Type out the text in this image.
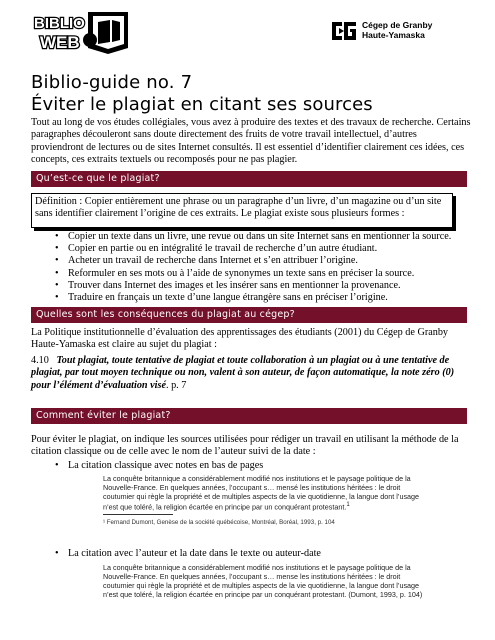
BIBLIO
WEB
Cégep de Granby
Haute-Yamaska
Biblio-guide no. 7
Éviter le plagiat en citant ses sources
Tout au long de vos études collégiales, vous avez à produire des textes et des travaux de recherche. Certains paragraphes découleront sans doute directement des fruits de votre travail intellectuel, d’autres proviendront de lectures ou de sites Internet consultés. Il est essentiel d’identifier clairement ces idées, ces concepts, ces extraits textuels ou recomposés pour ne pas plagier.
Qu’est-ce que le plagiat?
Définition : Copier entièrement une phrase ou un paragraphe d’un livre, d’un magazine ou d’un site sans identifier clairement l’origine de ces extraits. Le plagiat existe sous plusieurs formes :
• Copier un texte dans un livre, une revue ou dans un site Internet sans en mentionner la source.
• Copier en partie ou en intégralité le travail de recherche d’un autre étudiant.
• Acheter un travail de recherche dans Internet et s’en attribuer l’origine.
• Reformuler en ses mots ou à l’aide de synonymes un texte sans en préciser la source.
• Trouver dans Internet des images et les insérer sans en mentionner la provenance.
• Traduire en français un texte d’une langue étrangère sans en préciser l’origine.
Quelles sont les conséquences du plagiat au cégep?
La Politique institutionnelle d’évaluation des apprentissages des étudiants (2001) du Cégep de Granby Haute-Yamaska est claire au sujet du plagiat :
4.10 Tout plagiat, toute tentative de plagiat et toute collaboration à un plagiat ou à une tentative de plagiat, par tout moyen technique ou non, valent à son auteur, de façon automatique, la note zéro (0) pour l’élément d’évaluation visé. p. 7
Comment éviter le plagiat?
Pour éviter le plagiat, on indique les sources utilisées pour rédiger un travail en utilisant la méthode de la citation classique ou de celle avec le nom de l’auteur suivi de la date :
• La citation classique avec notes en bas de pages
La conquête britannique a considérablement modifié nos institutions et le paysage politique de la Nouvelle-France. En quelques années, l’occupant s… mensé les institutions héritées : le droit coutumier qui règle la propriété et de multiples aspects de la vie quotidienne, la langue dont l’usage n’est que toléré, la religion écartée en principe par un conquérant protestant.$^1$
¹ Fernand Dumont, Genèse de la société québécoise, Montréal, Boréal, 1993, p. 104
• La citation avec l’auteur et la date dans le texte ou auteur-date
La conquête britannique a considérablement modifié nos institutions et le paysage politique de la Nouvelle-France. En quelques années, l’occupant s… mense les institutions héritées : le droit coutumier qui règle la propriété et de multiples aspects de la vie quotidienne, la langue dont l’usage n’est que toléré, la religion écartée en principe par un conquérant protestant. (Dumont, 1993, p. 104)
